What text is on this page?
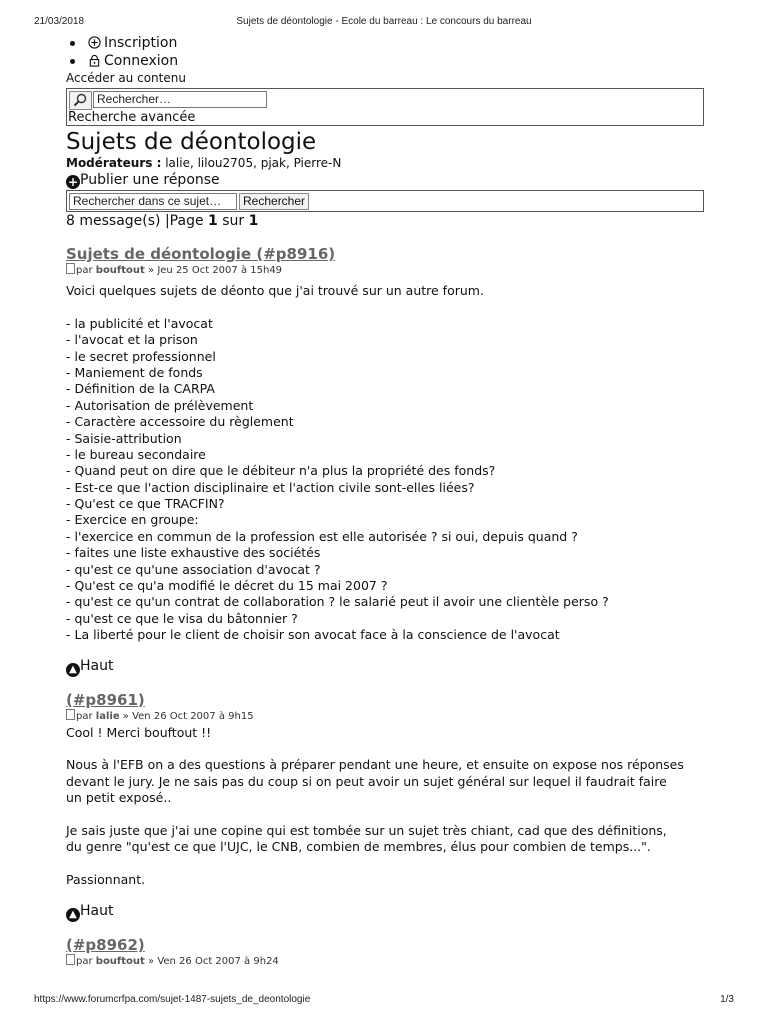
21/03/2018	Sujets de déontologie - Ecole du barreau : Le concours du barreau
Inscription
Connexion
Accéder au contenu
Rechercher…
Recherche avancée
Sujets de déontologie
Modérateurs : lalie, lilou2705, pjak, Pierre-N
+ Publier une réponse
Rechercher dans ce sujet…	Rechercher
8 message(s) |Page 1 sur 1
Sujets de déontologie (#p8916)
par bouftout » Jeu 25 Oct 2007 à 15h49
Voici quelques sujets de déonto que j'ai trouvé sur un autre forum.
- la publicité et l'avocat
- l'avocat et la prison
- le secret professionnel
- Maniement de fonds
- Définition de la CARPA
- Autorisation de prélèvement
- Caractère accessoire du règlement
- Saisie-attribution
- le bureau secondaire
- Quand peut on dire que le débiteur n'a plus la propriété des fonds?
- Est-ce que l'action disciplinaire et l'action civile sont-elles liées?
- Qu'est ce que TRACFIN?
- Exercice en groupe:
- l'exercice en commun de la profession est elle autorisée ? si oui, depuis quand ?
- faites une liste exhaustive des sociétés
- qu'est ce qu'une association d'avocat ?
- Qu'est ce qu'a modifié le décret du 15 mai 2007 ?
- qu'est ce qu'un contrat de collaboration ? le salarié peut il avoir une clientèle perso ?
- qu'est ce que le visa du bâtonnier ?
- La liberté pour le client de choisir son avocat face à la conscience de l'avocat
▲ Haut
(#p8961)
par lalie » Ven 26 Oct 2007 à 9h15
Cool ! Merci bouftout !!
Nous à l'EFB on a des questions à préparer pendant une heure, et ensuite on expose nos réponses
devant le jury. Je ne sais pas du coup si on peut avoir un sujet général sur lequel il faudrait faire
un petit exposé..
Je sais juste que j'ai une copine qui est tombée sur un sujet très chiant, cad que des définitions,
du genre "qu'est ce que l'UJC, le CNB, combien de membres, élus pour combien de temps...".
Passionnant.
▲ Haut
(#p8962)
par bouftout » Ven 26 Oct 2007 à 9h24
https://www.forumcrfpa.com/sujet-1487-sujets_de_deontologie	1/3
